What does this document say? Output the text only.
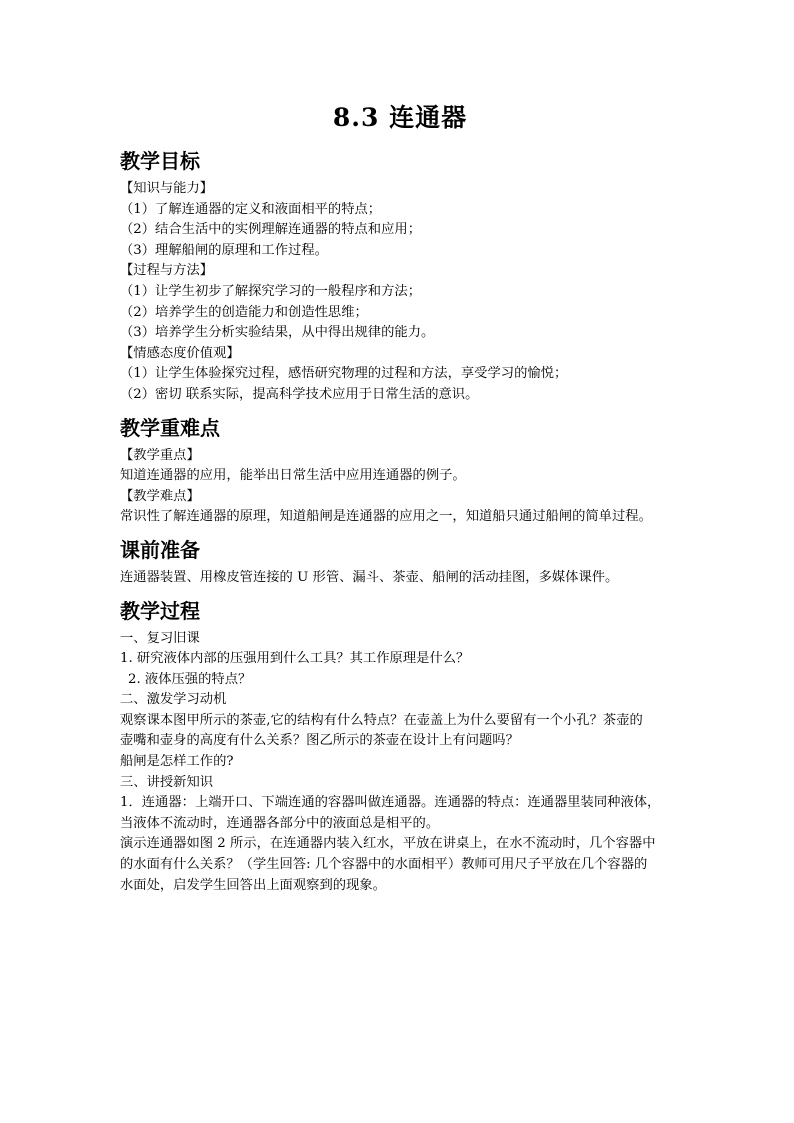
8.3 连通器
教学目标

【知识与能力】

（1）了解连通器的定义和液面相平的特点；

（2）结合生活中的实例理解连通器的特点和应用；

（3）理解船闸的原理和工作过程。

【过程与方法】

（1）让学生初步了解探究学习的一般程序和方法；

（2）培养学生的创造能力和创造性思维；

（3）培养学生分析实验结果，从中得出规律的能力。

【情感态度价值观】

（1）让学生体验探究过程，感悟研究物理的过程和方法，享受学习的愉悦；

（2）密切 联系实际，提高科学技术应用于日常生活的意识。

教学重难点

【教学重点】

知道连通器的应用，能举出日常生活中应用连通器的例子。

【教学难点】

常识性了解连通器的原理，知道船闸是连通器的应用之一，知道船只通过船闸的简单过程。

课前准备

连通器装置、用橡皮管连接的 U 形管、漏斗、茶壶、船闸的活动挂图，多媒体课件。

教学过程

一、复习旧课

1. 研究液体内部的压强用到什么工具？其工作原理是什么？

2. 液体压强的特点？

二、激发学习动机

观察课本图甲所示的茶壶,它的结构有什么特点？在壶盖上为什么要留有一个小孔？茶壶的

壶嘴和壶身的高度有什么关系？图乙所示的茶壶在设计上有问题吗？

船闸是怎样工作的?

三、讲授新知识

1．连通器：上端开口、下端连通的容器叫做连通器。连通器的特点：连通器里装同种液体，

当液体不流动时，连通器各部分中的液面总是相平的。

演示连通器如图 2 所示，在连通器内装入红水，平放在讲桌上，在水不流动时，几个容器中

的水面有什么关系？（学生回答: 几个容器中的水面相平）教师可用尺子平放在几个容器的

水面处，启发学生回答出上面观察到的现象。
